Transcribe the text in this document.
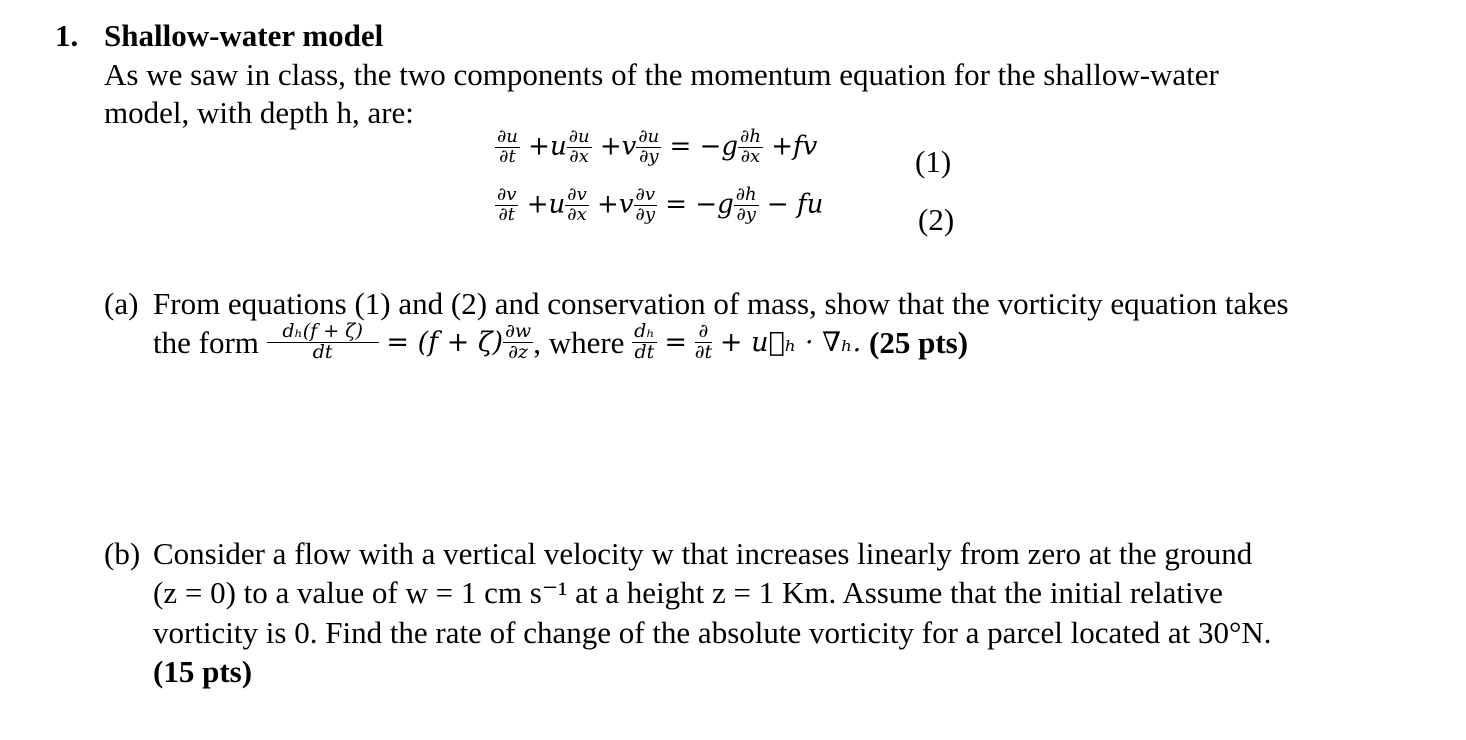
1. Shallow-water model
As we saw in class, the two components of the momentum equation for the shallow-water
model, with depth h, are:
$\frac{\partial u}{\partial t} +u \frac{\partial u}{\partial x} +v \frac{\partial u}{\partial y} = -g \frac{\partial h}{\partial x} +fv$	(1)
$\frac{\partial v}{\partial t} +u \frac{\partial v}{\partial x} +v \frac{\partial v}{\partial y} = -g \frac{\partial h}{\partial y}$ − fu	(2)
(a) From equations (1) and (2) and conservation of mass, show that the vorticity equation takes
the form $\frac{\text{dₕ(f + ζ)}}{dt} = (f + \zeta) \frac{\partial w}{\partial z}$ , where $\frac{\text{dₕ}}{dt} = \frac{\partial}{\partial t}$ + u⃗ₕ · ∇ₕ. (25 pts)
(b) Consider a flow with a vertical velocity w that increases linearly from zero at the ground
(z = 0) to a value of w = 1 cm s⁻¹ at a height z = 1 Km. Assume that the initial relative
vorticity is 0. Find the rate of change of the absolute vorticity for a parcel located at 30°N.
(15 pts)
